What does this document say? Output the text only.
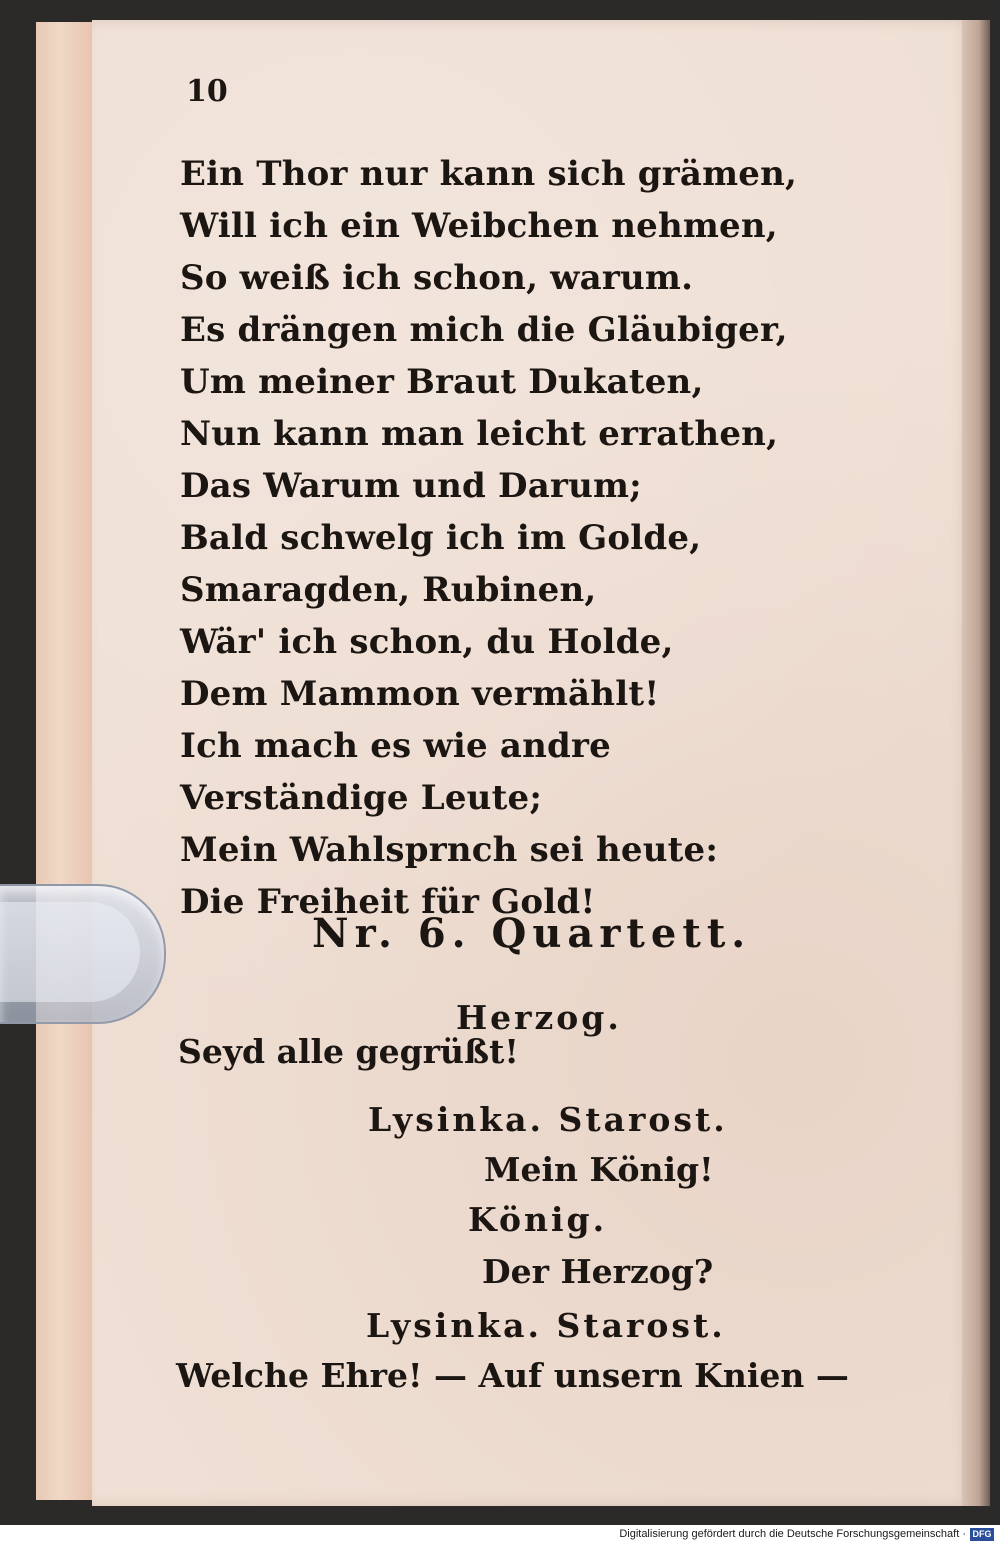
10
Ein Thor nur kann sich grämen,
Will ich ein Weibchen nehmen,
So weiß ich schon, warum.
Es drängen mich die Gläubiger,
Um meiner Braut Dukaten,
Nun kann man leicht errathen,
Das Warum und Darum;
Bald schwelg ich im Golde,
Smaragden, Rubinen,
Wär' ich schon, du Holde,
Dem Mammon vermählt!
Ich mach es wie andre
Verständige Leute;
Mein Wahlsprnch sei heute:
Die Freiheit für Gold!
Nr. 6. Quartett.
Herzog.
Seyd alle gegrüßt!
Lysinka. Starost.
Mein König!
König.
Der Herzog?
Lysinka. Starost.
Welche Ehre! — Auf unsern Knien —
Digitalisierung gefördert durch die Deutsche Forschungsgemeinschaft · DFG
